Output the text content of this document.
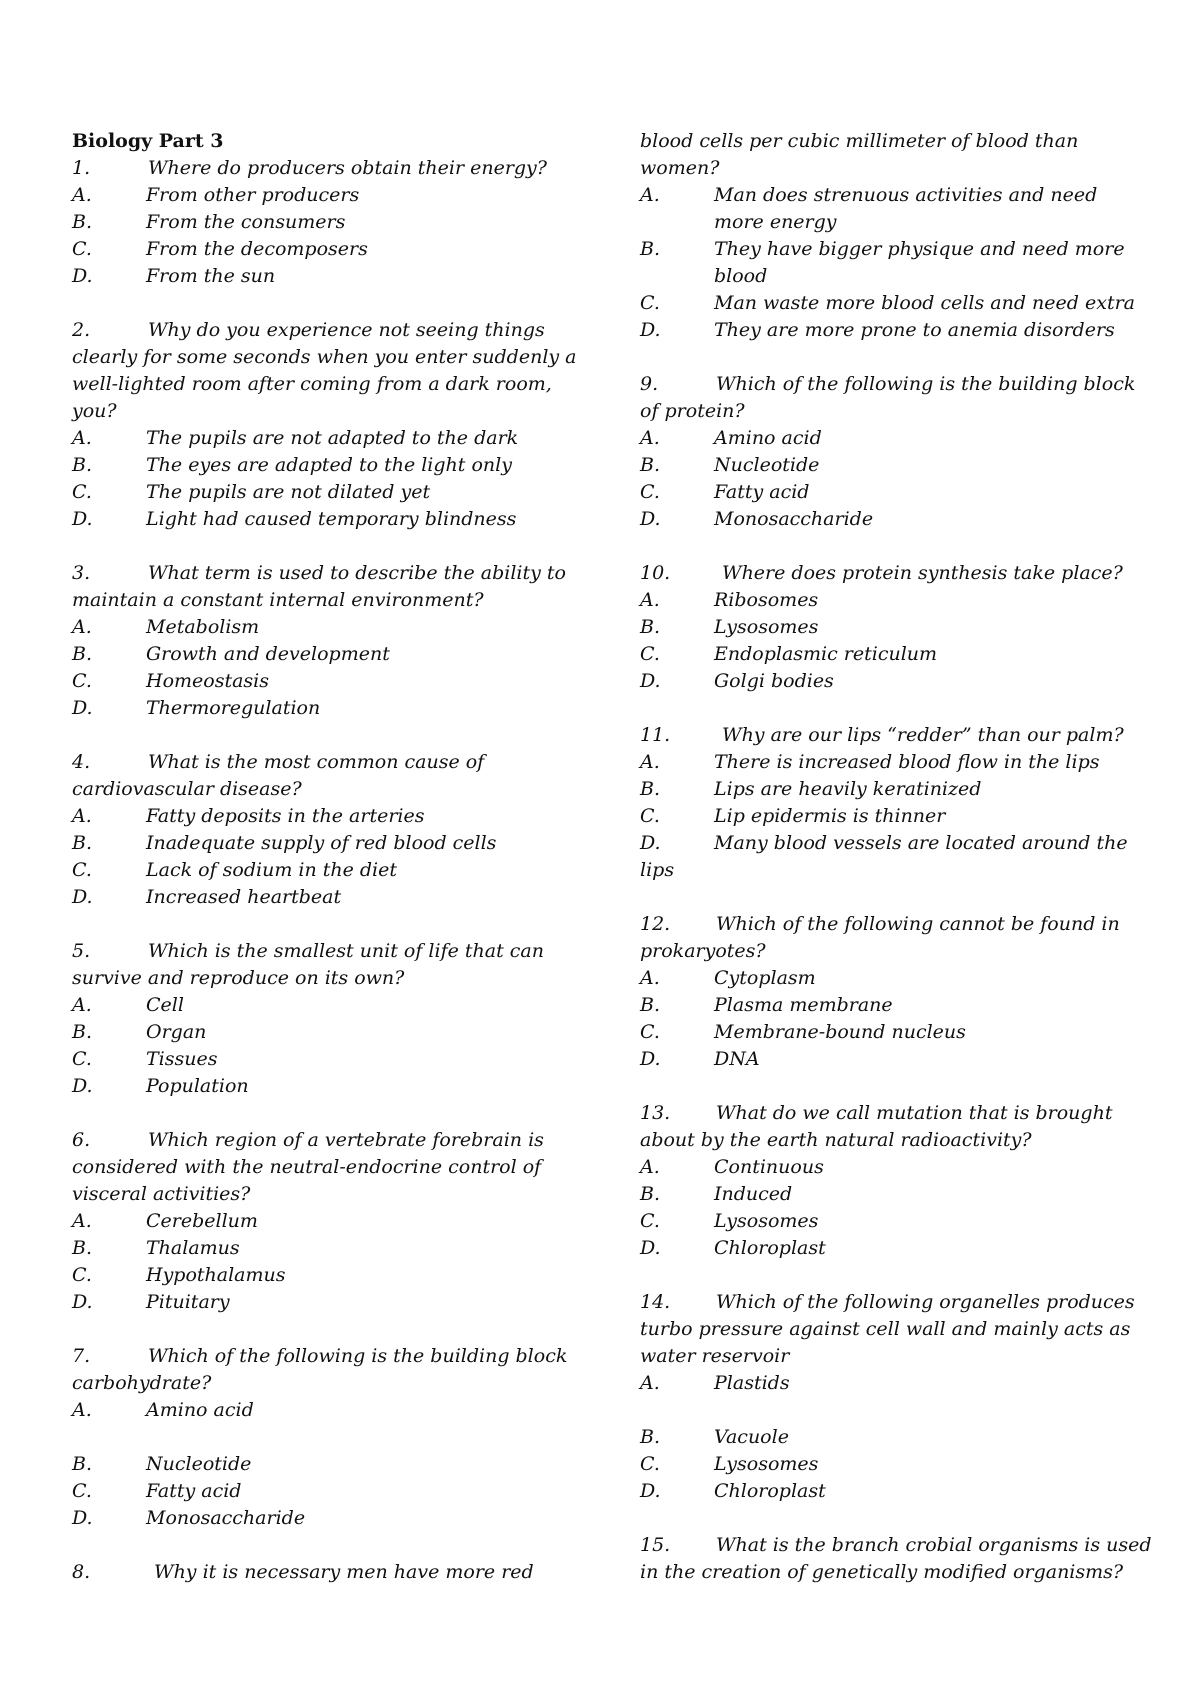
Biology Part 3
1.	Where do producers obtain their energy?
A.	From other producers
B.	From the consumers
C.	From the decomposers
D.	From the sun
2.	Why do you experience not seeing things
clearly for some seconds when you enter suddenly a
well-lighted room after coming from a dark room,
you?
A.	The pupils are not adapted to the dark
B.	The eyes are adapted to the light only
C.	The pupils are not dilated yet
D.	Light had caused temporary blindness
3.	What term is used to describe the ability to
maintain a constant internal environment?
A.	Metabolism
B.	Growth and development
C.	Homeostasis
D.	Thermoregulation
4.	What is the most common cause of
cardiovascular disease?
A.	Fatty deposits in the arteries
B.	Inadequate supply of red blood cells
C.	Lack of sodium in the diet
D.	Increased heartbeat
5.	Which is the smallest unit of life that can
survive and reproduce on its own?
A.	Cell
B.	Organ
C.	Tissues
D.	Population
6.	Which region of a vertebrate forebrain is
considered with the neutral-endocrine control of
visceral activities?
A.	Cerebellum
B.	Thalamus
C.	Hypothalamus
D.	Pituitary
7.	Which of the following is the building block
carbohydrate?
A.	Amino acid
B.	Nucleotide
C.	Fatty acid
D.	Monosaccharide
8.	Why it is necessary men have more red
blood cells per cubic millimeter of blood than
women?
A.	Man does strenuous activities and need more energy
B.	They have bigger physique and need more blood
C.	Man waste more blood cells and need extra
D.	They are more prone to anemia disorders
9.	Which of the following is the building block
of protein?
A.	Amino acid
B.	Nucleotide
C.	Fatty acid
D.	Monosaccharide
10. Where does protein synthesis take place?
A.	Ribosomes
B.	Lysosomes
C.	Endoplasmic reticulum
D.	Golgi bodies
11. Why are our lips “redder” than our palm?
A.	There is increased blood flow in the lips
B.	Lips are heavily keratinized
C.	Lip epidermis is thinner
D.	Many blood vessels are located around the
lips
12. Which of the following cannot be found in
prokaryotes?
A.	Cytoplasm
B.	Plasma membrane
C.	Membrane-bound nucleus
D.	DNA
13. What do we call mutation that is brought
about by the earth natural radioactivity?
A.	Continuous
B.	Induced
C.	Lysosomes
D.	Chloroplast
14. Which of the following organelles produces
turbo pressure against cell wall and mainly acts as
water reservoir
A.	Plastids
B.	Vacuole
C.	Lysosomes
D.	Chloroplast
15. What is the branch crobial organisms is used
in the creation of genetically modified organisms?
